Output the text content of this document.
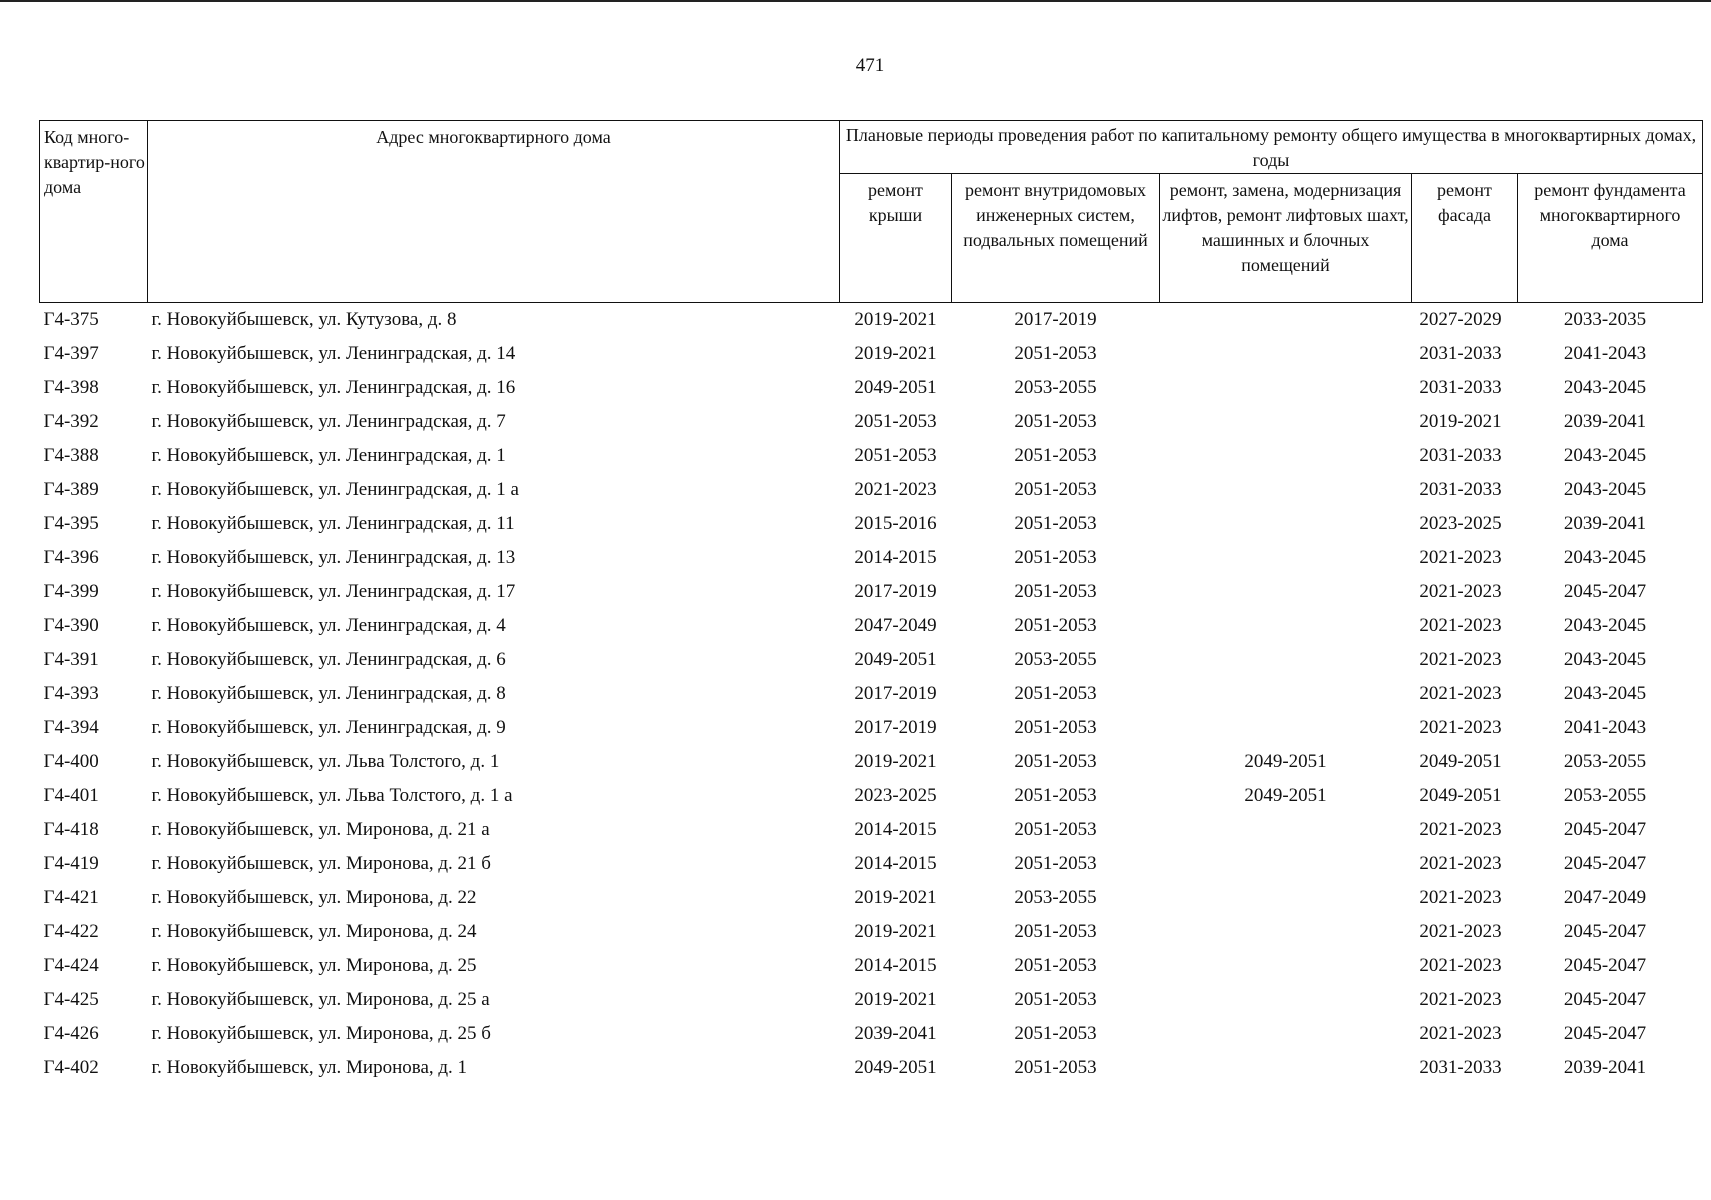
471
Код много-квартир-ного дома	Адрес многоквартирного дома	Плановые периоды проведения работ по капитальному ремонту общего имущества в многоквартирных домах, годы				
		ремонт крыши	ремонт внутридомовых инженерных систем, подвальных помещений	ремонт, замена, модернизация лифтов, ремонт лифтовых шахт, машинных и блочных помещений	ремонт фасада	ремонт фундамента многоквартирного дома
Г4-375	г. Новокуйбышевск, ул. Кутузова, д. 8	2019-2021	2017-2019		2027-2029	2033-2035
Г4-397	г. Новокуйбышевск, ул. Ленинградская, д. 14	2019-2021	2051-2053		2031-2033	2041-2043
Г4-398	г. Новокуйбышевск, ул. Ленинградская, д. 16	2049-2051	2053-2055		2031-2033	2043-2045
Г4-392	г. Новокуйбышевск, ул. Ленинградская, д. 7	2051-2053	2051-2053		2019-2021	2039-2041
Г4-388	г. Новокуйбышевск, ул. Ленинградская, д. 1	2051-2053	2051-2053		2031-2033	2043-2045
Г4-389	г. Новокуйбышевск, ул. Ленинградская, д. 1 а	2021-2023	2051-2053		2031-2033	2043-2045
Г4-395	г. Новокуйбышевск, ул. Ленинградская, д. 11	2015-2016	2051-2053		2023-2025	2039-2041
Г4-396	г. Новокуйбышевск, ул. Ленинградская, д. 13	2014-2015	2051-2053		2021-2023	2043-2045
Г4-399	г. Новокуйбышевск, ул. Ленинградская, д. 17	2017-2019	2051-2053		2021-2023	2045-2047
Г4-390	г. Новокуйбышевск, ул. Ленинградская, д. 4	2047-2049	2051-2053		2021-2023	2043-2045
Г4-391	г. Новокуйбышевск, ул. Ленинградская, д. 6	2049-2051	2053-2055		2021-2023	2043-2045
Г4-393	г. Новокуйбышевск, ул. Ленинградская, д. 8	2017-2019	2051-2053		2021-2023	2043-2045
Г4-394	г. Новокуйбышевск, ул. Ленинградская, д. 9	2017-2019	2051-2053		2021-2023	2041-2043
Г4-400	г. Новокуйбышевск, ул. Льва Толстого, д. 1	2019-2021	2051-2053	2049-2051	2049-2051	2053-2055
Г4-401	г. Новокуйбышевск, ул. Льва Толстого, д. 1 а	2023-2025	2051-2053	2049-2051	2049-2051	2053-2055
Г4-418	г. Новокуйбышевск, ул. Миронова, д. 21 а	2014-2015	2051-2053		2021-2023	2045-2047
Г4-419	г. Новокуйбышевск, ул. Миронова, д. 21 б	2014-2015	2051-2053		2021-2023	2045-2047
Г4-421	г. Новокуйбышевск, ул. Миронова, д. 22	2019-2021	2053-2055		2021-2023	2047-2049
Г4-422	г. Новокуйбышевск, ул. Миронова, д. 24	2019-2021	2051-2053		2021-2023	2045-2047
Г4-424	г. Новокуйбышевск, ул. Миронова, д. 25	2014-2015	2051-2053		2021-2023	2045-2047
Г4-425	г. Новокуйбышевск, ул. Миронова, д. 25 а	2019-2021	2051-2053		2021-2023	2045-2047
Г4-426	г. Новокуйбышевск, ул. Миронова, д. 25 б	2039-2041	2051-2053		2021-2023	2045-2047
Г4-402	г. Новокуйбышевск, ул. Миронова, д. 1	2049-2051	2051-2053		2031-2033	2039-2041
